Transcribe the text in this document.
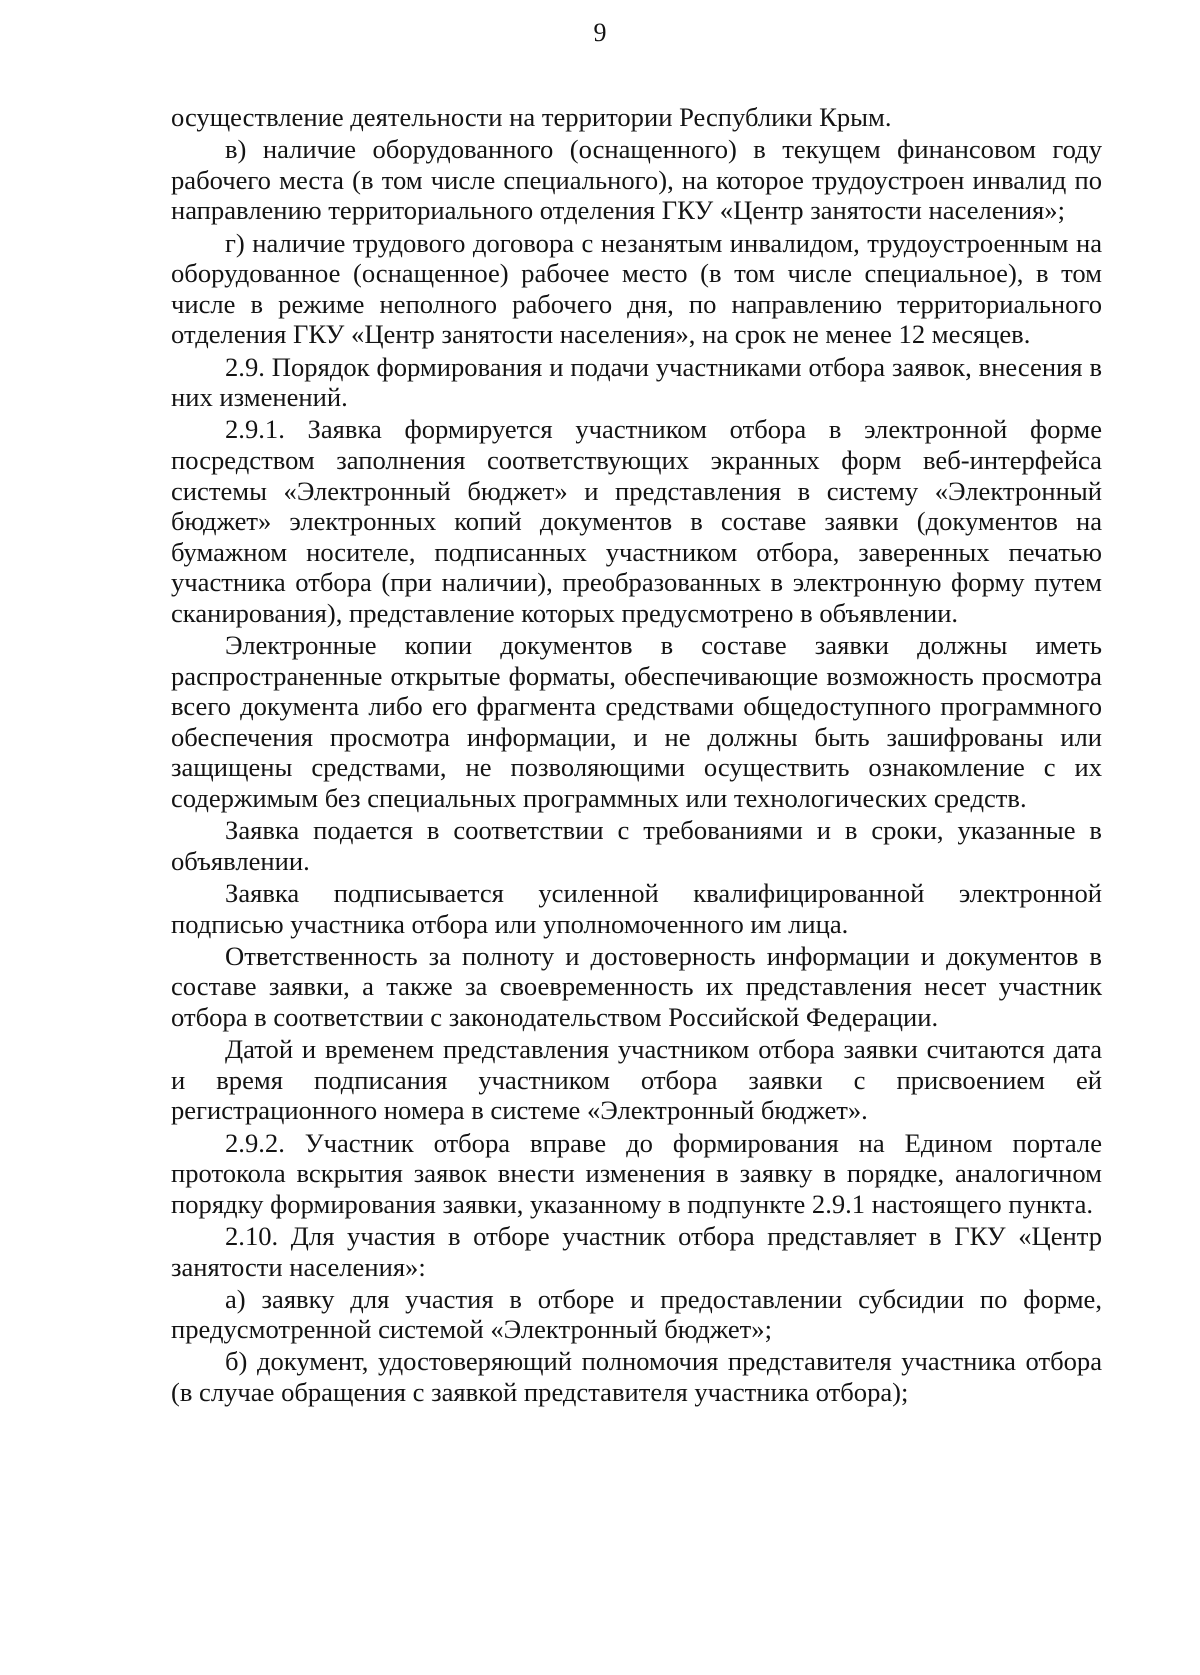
9

осуществление деятельности на территории Республики Крым.

в) наличие оборудованного (оснащенного) в текущем финансовом году рабочего места (в том числе специального), на которое трудоустроен инвалид по направлению территориального отделения ГКУ «Центр занятости населения»;

г) наличие трудового договора с незанятым инвалидом, трудоустроенным на оборудованное (оснащенное) рабочее место (в том числе специальное), в том числе в режиме неполного рабочего дня, по направлению территориального отделения ГКУ «Центр занятости населения», на срок не менее 12 месяцев.

2.9. Порядок формирования и подачи участниками отбора заявок, внесения в них изменений.

2.9.1. Заявка формируется участником отбора в электронной форме посредством заполнения соответствующих экранных форм веб-интерфейса системы «Электронный бюджет» и представления в систему «Электронный бюджет» электронных копий документов в составе заявки (документов на бумажном носителе, подписанных участником отбора, заверенных печатью участника отбора (при наличии), преобразованных в электронную форму путем сканирования), представление которых предусмотрено в объявлении.

Электронные копии документов в составе заявки должны иметь распространенные открытые форматы, обеспечивающие возможность просмотра всего документа либо его фрагмента средствами общедоступного программного обеспечения просмотра информации, и не должны быть зашифрованы или защищены средствами, не позволяющими осуществить ознакомление с их содержимым без специальных программных или технологических средств.

Заявка подается в соответствии с требованиями и в сроки, указанные в объявлении.

Заявка подписывается усиленной квалифицированной электронной подписью участника отбора или уполномоченного им лица.

Ответственность за полноту и достоверность информации и документов в составе заявки, а также за своевременность их представления несет участник отбора в соответствии с законодательством Российской Федерации.

Датой и временем представления участником отбора заявки считаются дата и время подписания участником отбора заявки с присвоением ей регистрационного номера в системе «Электронный бюджет».

2.9.2. Участник отбора вправе до формирования на Едином портале протокола вскрытия заявок внести изменения в заявку в порядке, аналогичном порядку формирования заявки, указанному в подпункте 2.9.1 настоящего пункта.

2.10. Для участия в отборе участник отбора представляет в ГКУ «Центр занятости населения»:

а) заявку для участия в отборе и предоставлении субсидии по форме, предусмотренной системой «Электронный бюджет»;

б) документ, удостоверяющий полномочия представителя участника отбора (в случае обращения с заявкой представителя участника отбора);
